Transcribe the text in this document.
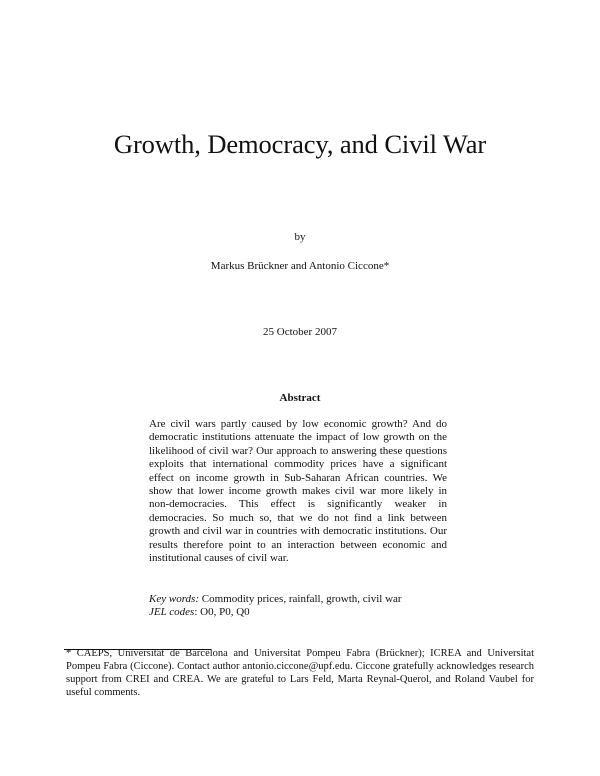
Growth, Democracy, and Civil War
by
Markus Brückner and Antonio Ciccone*
25 October 2007
Abstract
Are civil wars partly caused by low economic growth? And do democratic institutions attenuate the impact of low growth on the likelihood of civil war? Our approach to answering these questions exploits that international commodity prices have a significant effect on income growth in Sub-Saharan African countries. We show that lower income growth makes civil war more likely in non-democracies. This effect is significantly weaker in democracies. So much so, that we do not find a link between growth and civil war in countries with democratic institutions. Our results therefore point to an interaction between economic and institutional causes of civil war.
Key words: Commodity prices, rainfall, growth, civil war
JEL codes: O0, P0, Q0
* CAEPS, Universitat de Barcelona and Universitat Pompeu Fabra (Brückner); ICREA and Universitat Pompeu Fabra (Ciccone). Contact author antonio.ciccone@upf.edu. Ciccone gratefully acknowledges research support from CREI and CREA. We are grateful to Lars Feld, Marta Reynal-Querol, and Roland Vaubel for useful comments.
